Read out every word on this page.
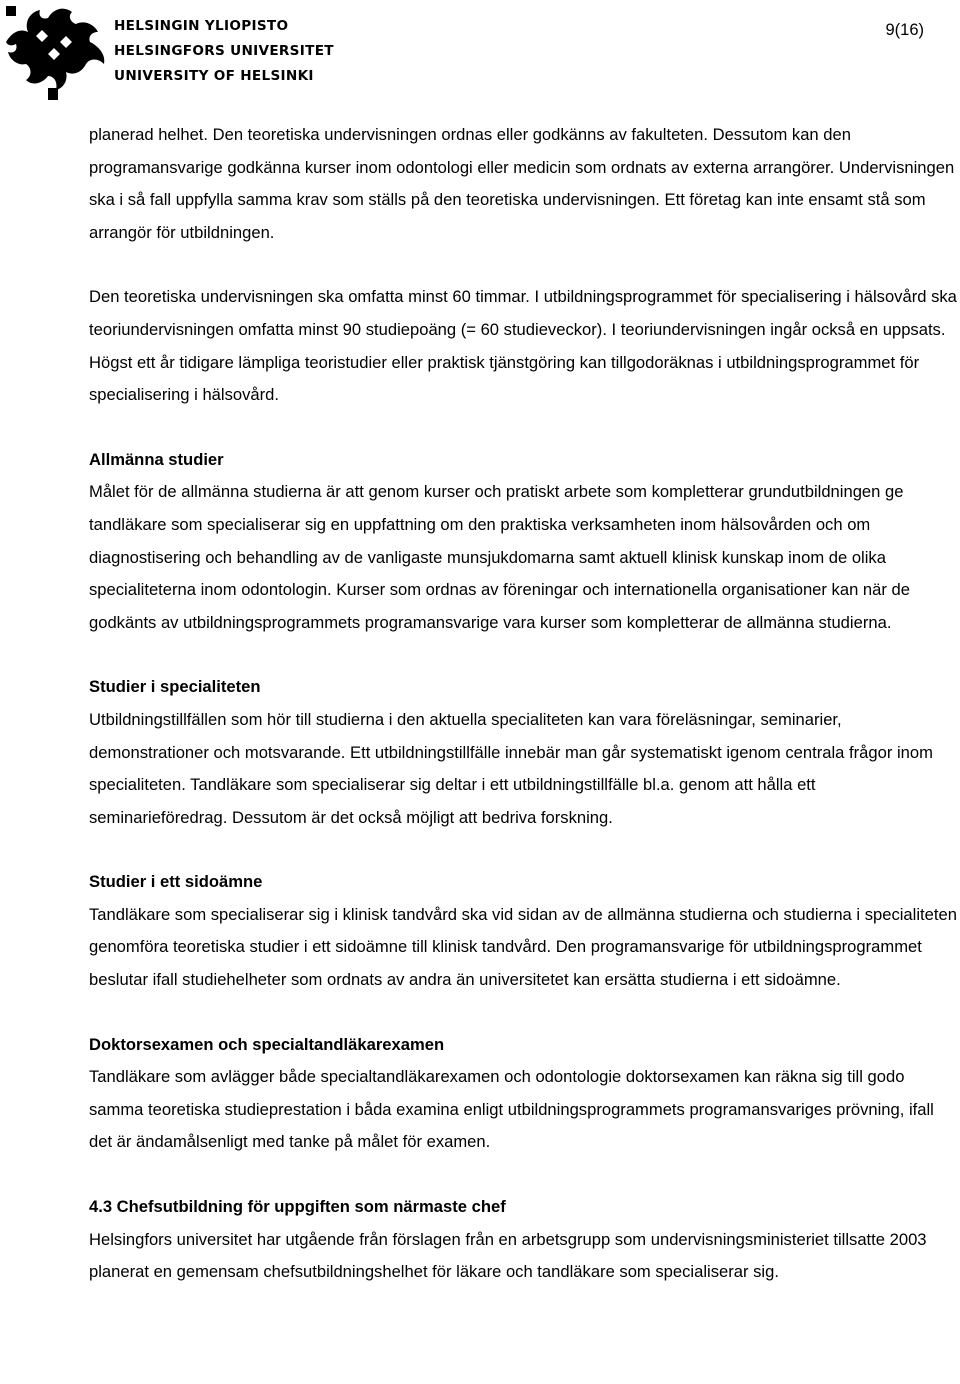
HELSINGIN YLIOPISTO
HELSINGFORS UNIVERSITET
UNIVERSITY OF HELSINKI
9(16)

planerad helhet. Den teoretiska undervisningen ordnas eller godkänns av fakulteten. Dessutom kan den programansvarige godkänna kurser inom odontologi eller medicin som ordnats av externa arrangörer. Undervisningen ska i så fall uppfylla samma krav som ställs på den teoretiska undervisningen. Ett företag kan inte ensamt stå som arrangör för utbildningen.

Den teoretiska undervisningen ska omfatta minst 60 timmar. I utbildningsprogrammet för specialisering i hälsovård ska teoriundervisningen omfatta minst 90 studiepoäng (= 60 studieveckor). I teoriundervisningen ingår också en uppsats. Högst ett år tidigare lämpliga teoristudier eller praktisk tjänstgöring kan tillgodoräknas i utbildningsprogrammet för specialisering i hälsovård.

Allmänna studier

Målet för de allmänna studierna är att genom kurser och pratiskt arbete som kompletterar grundutbildningen ge tandläkare som specialiserar sig en uppfattning om den praktiska verksamheten inom hälsovården och om diagnostisering och behandling av de vanligaste munsjukdomarna samt aktuell klinisk kunskap inom de olika specialiteterna inom odontologin. Kurser som ordnas av föreningar och internationella organisationer kan när de godkänts av utbildningsprogrammets programansvarige vara kurser som kompletterar de allmänna studierna.

Studier i specialiteten

Utbildningstillfällen som hör till studierna i den aktuella specialiteten kan vara föreläsningar, seminarier, demonstrationer och motsvarande. Ett utbildningstillfälle innebär man går systematiskt igenom centrala frågor inom specialiteten. Tandläkare som specialiserar sig deltar i ett utbildningstillfälle bl.a. genom att hålla ett seminarieföredrag. Dessutom är det också möjligt att bedriva forskning.

Studier i ett sidoämne

Tandläkare som specialiserar sig i klinisk tandvård ska vid sidan av de allmänna studierna och studierna i specialiteten genomföra teoretiska studier i ett sidoämne till klinisk tandvård. Den programansvarige för utbildningsprogrammet beslutar ifall studiehelheter som ordnats av andra än universitetet kan ersätta studierna i ett sidoämne.

Doktorsexamen och specialtandläkarexamen

Tandläkare som avlägger både specialtandläkarexamen och odontologie doktorsexamen kan räkna sig till godo samma teoretiska studieprestation i båda examina enligt utbildningsprogrammets programansvariges prövning, ifall det är ändamålsenligt med tanke på målet för examen.

4.3 Chefsutbildning för uppgiften som närmaste chef

Helsingfors universitet har utgående från förslagen från en arbetsgrupp som undervisningsministeriet tillsatte 2003 planerat en gemensam chefsutbildningshelhet för läkare och tandläkare som specialiserar sig.
